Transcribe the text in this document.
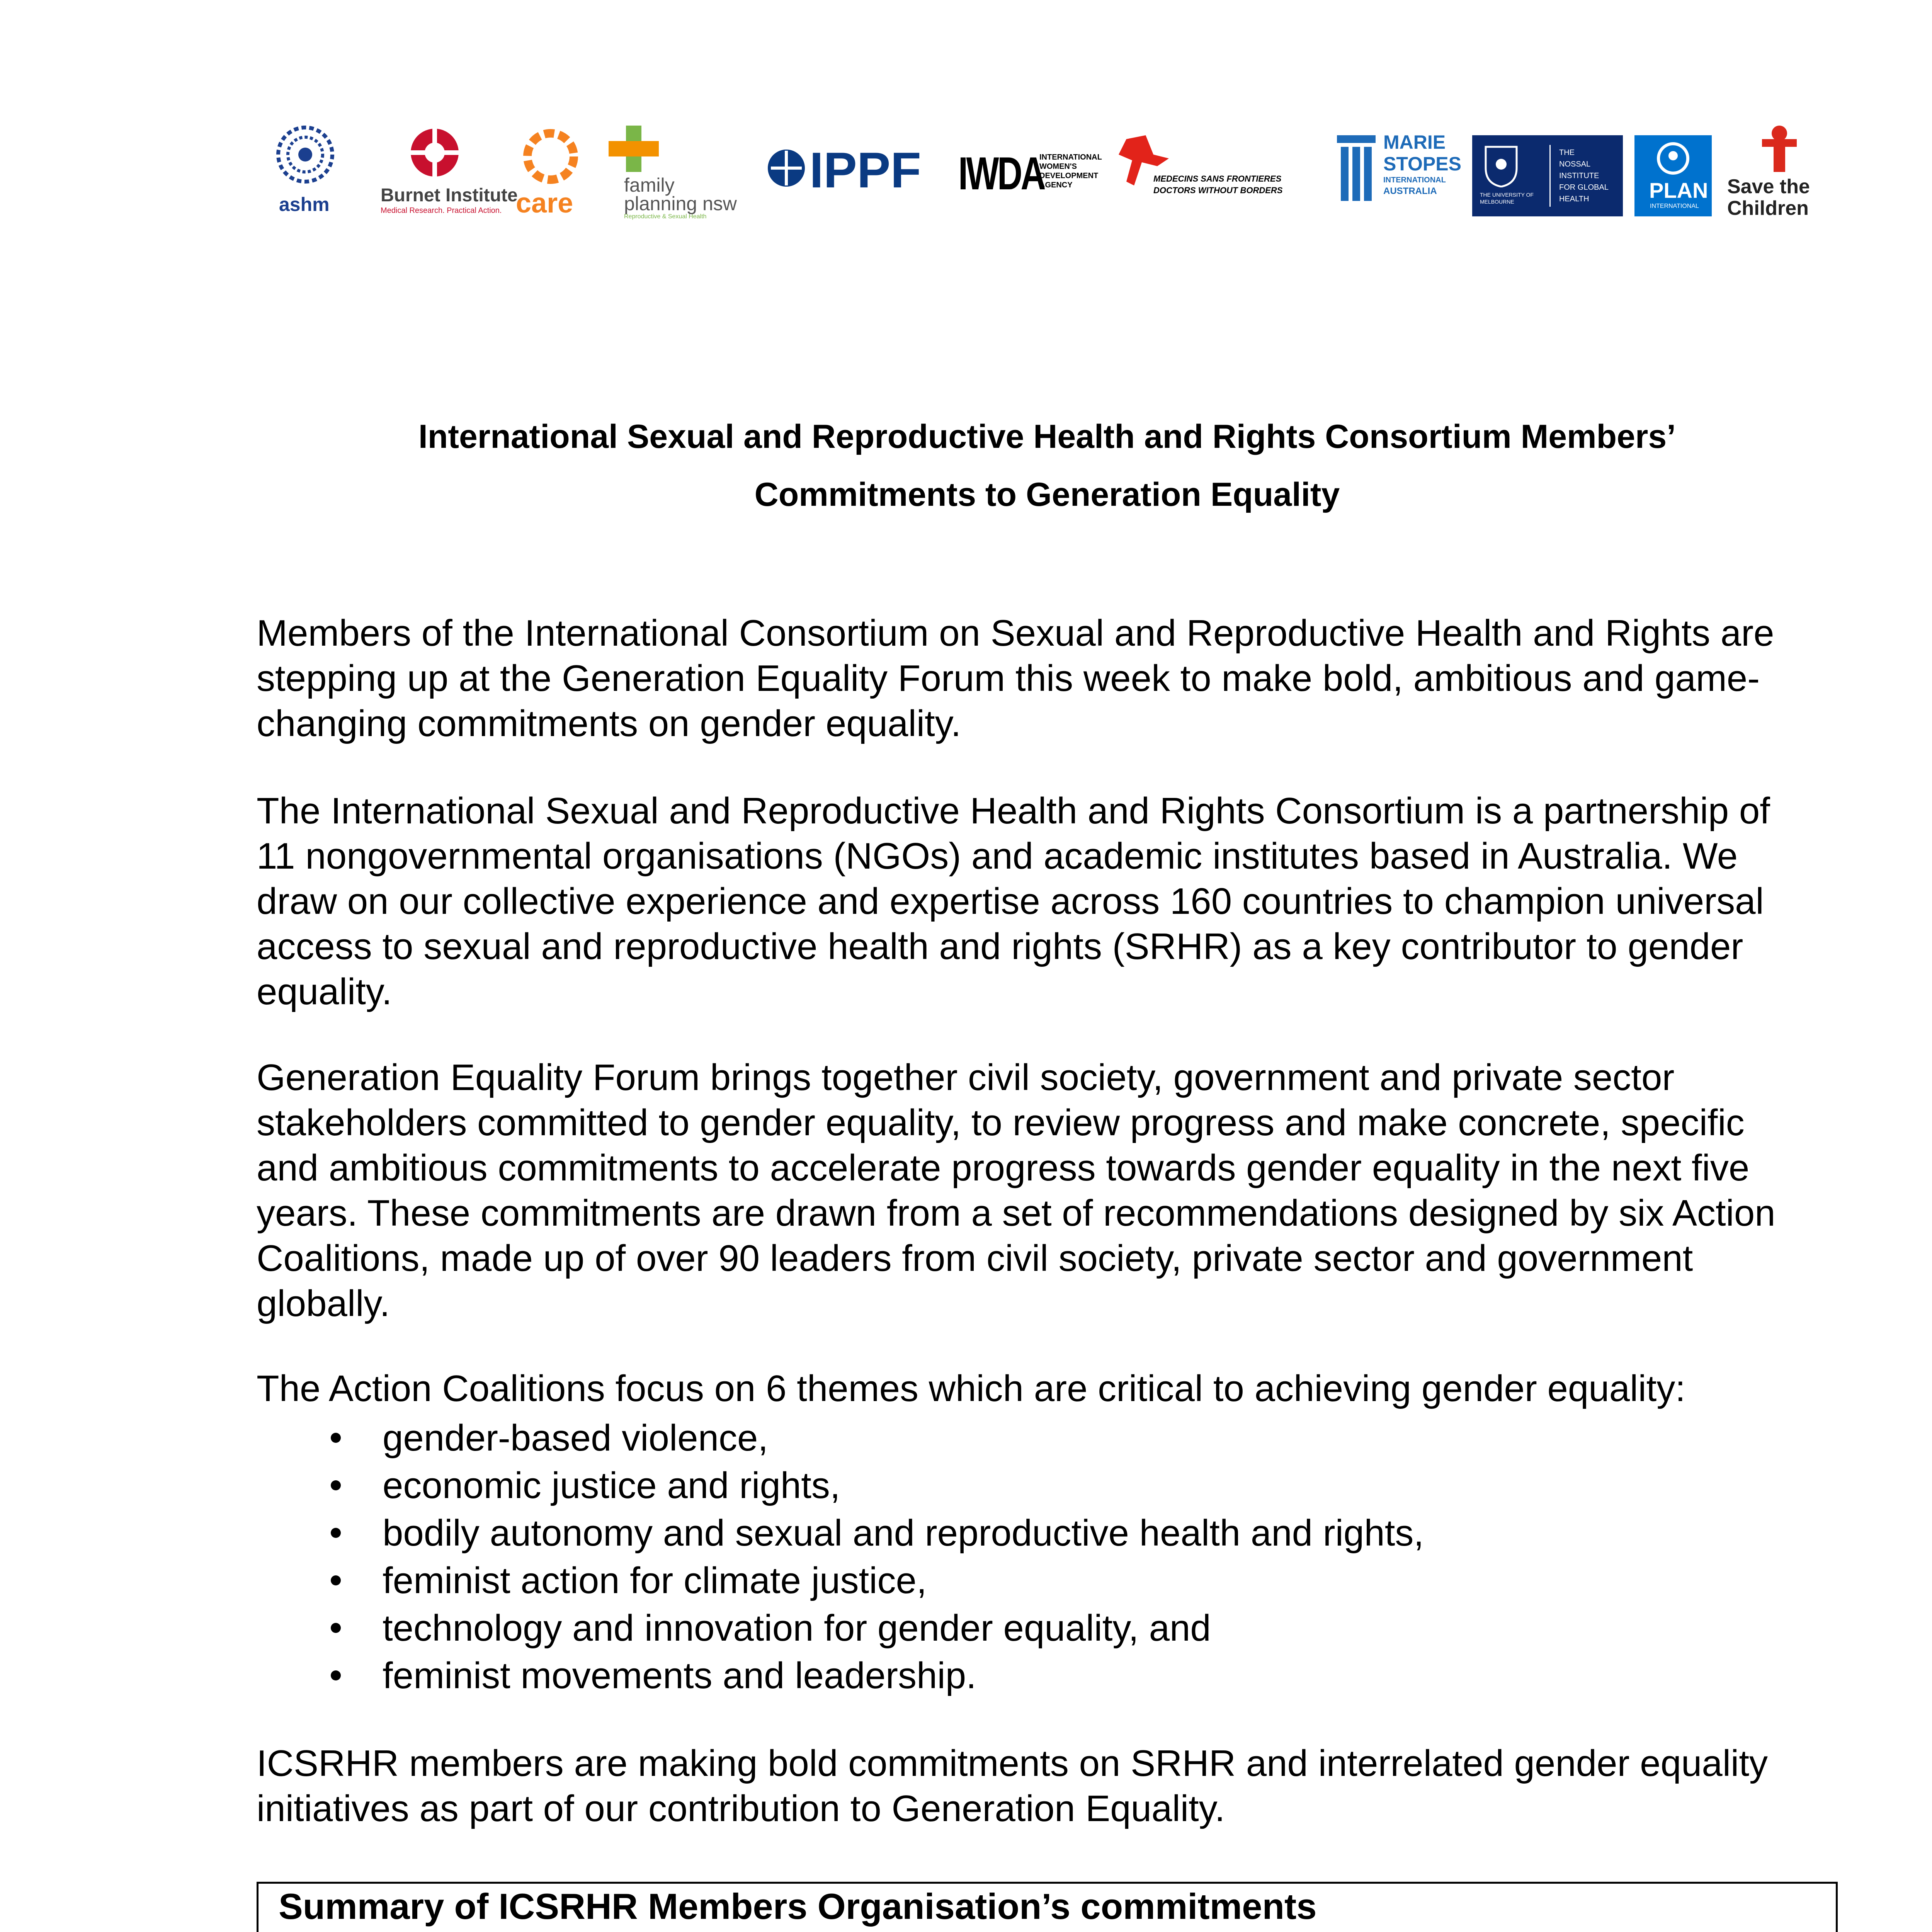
ashm	Burnet Institute
Medical Research. Practical Action. care
family
planning nsw
Reproductive & Sexual Health
IPPF IWDA
INTERNATIONAL
WOMEN'S
DEVELOPMENT
AGENCY
MEDECINS SANS FRONTIERES
DOCTORS WITHOUT BORDERS
MARIE
STOPES
INTERNATIONAL
AUSTRALIA	THE UNIVERSITY OF
MELBOURNE
THE
NOSSAL
INSTITUTE
FOR GLOBAL
HEALTH	PLAN
INTERNATIONAL
Save the
Children
International Sexual and Reproductive Health and Rights Consortium Members’
Commitments to Generation Equality
Members of the International Consortium on Sexual and Reproductive Health and Rights are
stepping up at the Generation Equality Forum this week to make bold, ambitious and game-
changing commitments on gender equality.
The International Sexual and Reproductive Health and Rights Consortium is a partnership of
11 nongovernmental organisations (NGOs) and academic institutes based in Australia. We
draw on our collective experience and expertise across 160 countries to champion universal
access to sexual and reproductive health and rights (SRHR) as a key contributor to gender
equality.
Generation Equality Forum brings together civil society, government and private sector
stakeholders committed to gender equality, to review progress and make concrete, specific
and ambitious commitments to accelerate progress towards gender equality in the next five
years. These commitments are drawn from a set of recommendations designed by six Action
Coalitions, made up of over 90 leaders from civil society, private sector and government
globally.
The Action Coalitions focus on 6 themes which are critical to achieving gender equality:
gender-based violence,
economic justice and rights,
bodily autonomy and sexual and reproductive health and rights,
feminist action for climate justice,
technology and innovation for gender equality, and
feminist movements and leadership.
ICSRHR members are making bold commitments on SRHR and interrelated gender equality
initiatives as part of our contribution to Generation Equality.
Summary of ICSRHR Members Organisation’s commitments
